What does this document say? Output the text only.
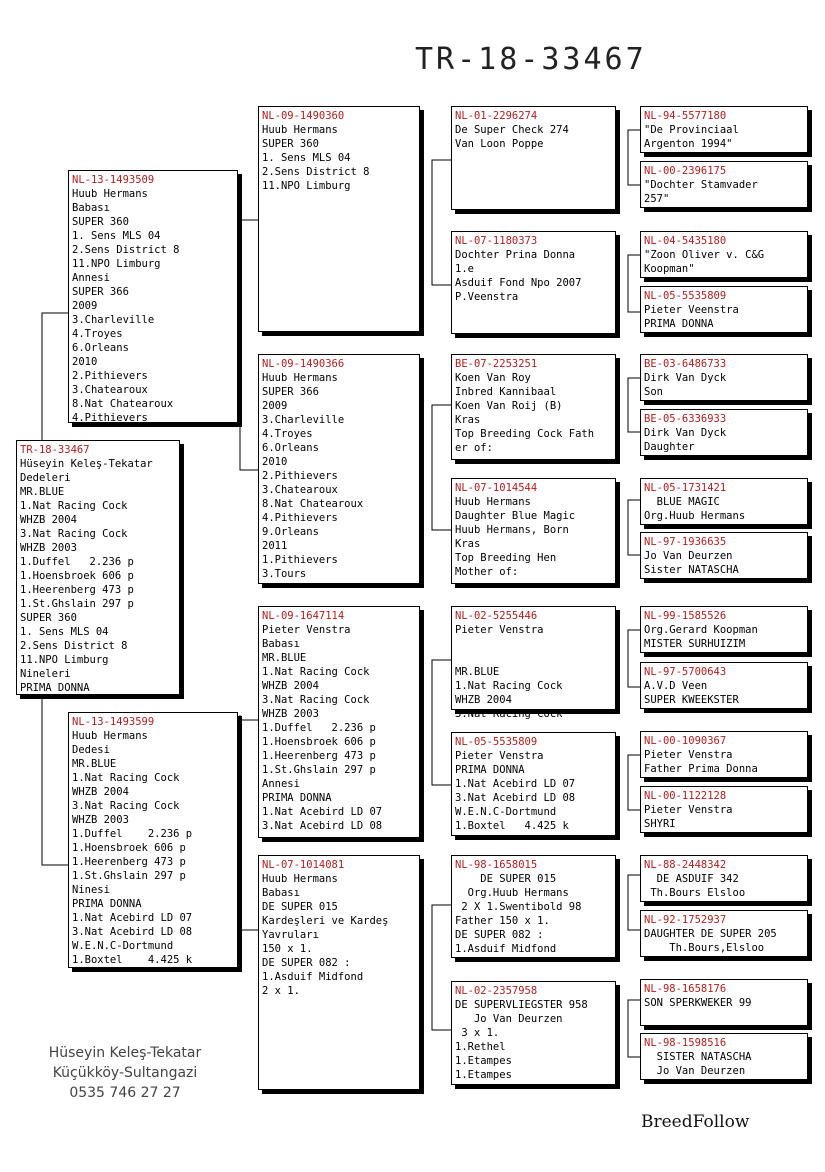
TR-18-33467
TR-18-33467
Hüseyin Keleş-Tekatar
Dedeleri
MR.BLUE
1.Nat Racing Cock
WHZB 2004
3.Nat Racing Cock
WHZB 2003
1.Duffel   2.236 p
1.Hoensbroek 606 p
1.Heerenberg 473 p
1.St.Ghslain 297 p
SUPER 360
1. Sens MLS 04
2.Sens District 8
11.NPO Limburg
Nineleri
PRIMA DONNA
NL-13-1493509
Huub Hermans
Babası
SUPER 360
1. Sens MLS 04
2.Sens District 8
11.NPO Limburg
Annesi
SUPER 366
2009
3.Charleville
4.Troyes
6.Orleans
2010
2.Pithievers
3.Chatearoux
8.Nat Chatearoux
4.Pithievers
NL-13-1493599
Huub Hermans
Dedesi
MR.BLUE
1.Nat Racing Cock
WHZB 2004
3.Nat Racing Cock
WHZB 2003
1.Duffel    2.236 p
1.Hoensbroek 606 p
1.Heerenberg 473 p
1.St.Ghslain 297 p
Ninesi
PRIMA DONNA
1.Nat Acebird LD 07
3.Nat Acebird LD 08
W.E.N.C-Dortmund
1.Boxtel    4.425 k
NL-09-1490360
Huub Hermans
SUPER 360
1. Sens MLS 04
2.Sens District 8
11.NPO Limburg
NL-09-1490366
Huub Hermans
SUPER 366
2009
3.Charleville
4.Troyes
6.Orleans
2010
2.Pithievers
3.Chatearoux
8.Nat Chatearoux
4.Pithievers
9.Orleans
2011
1.Pithievers
3.Tours
NL-09-1647114
Pieter Venstra
Babası
MR.BLUE
1.Nat Racing Cock
WHZB 2004
3.Nat Racing Cock
WHZB 2003
1.Duffel   2.236 p
1.Hoensbroek 606 p
1.Heerenberg 473 p
1.St.Ghslain 297 p
Annesi
PRIMA DONNA
1.Nat Acebird LD 07
3.Nat Acebird LD 08
NL-07-1014081
Huub Hermans
Babası
DE SUPER 015
Kardeşleri ve Kardeş
Yavruları
150 x 1.
DE SUPER 082 :
1.Asduif Midfond
2 x 1.
NL-01-2296274
De Super Check 274
Van Loon Poppe
NL-07-1180373
Dochter Prina Donna
1.e
Asduif Fond Npo 2007
P.Veenstra
BE-07-2253251
Koen Van Roy
Inbred Kannibaal
Koen Van Roij (B)
Kras
Top Breeding Cock Fath
er of:
NL-07-1014544
Huub Hermans
Daughter Blue Magic
Huub Hermans, Born
Kras
Top Breeding Hen
Mother of:
NL-02-5255446
Pieter Venstra

MR.BLUE
1.Nat Racing Cock
WHZB 2004
3.Nat Racing Cock
NL-05-5535809
Pieter Venstra
PRIMA DONNA
1.Nat Acebird LD 07
3.Nat Acebird LD 08
W.E.N.C-Dortmund
1.Boxtel   4.425 k
NL-98-1658015
DE SUPER 015
Org.Huub Hermans
2 X 1.Swentibold 98
Father 150 x 1.
DE SUPER 082 :
1.Asduif Midfond
NL-02-2357958
DE SUPERVLIEGSTER 958
Jo Van Deurzen
3 x 1.
1.Rethel
1.Etampes
1.Etampes
NL-94-5577180
"De Provinciaal
Argenton 1994"
NL-00-2396175
"Dochter Stamvader
257"
NL-04-5435180
"Zoon Oliver v. C&G
Koopman"
NL-05-5535809
Pieter Veenstra
PRIMA DONNA
BE-03-6486733
Dirk Van Dyck
Son
BE-05-6336933
Dirk Van Dyck
Daughter
NL-05-1731421
BLUE MAGIC
Org.Huub Hermans
NL-97-1936635
Jo Van Deurzen
Sister NATASCHA
NL-99-1585526
Org.Gerard Koopman
MISTER SURHUIZIM
NL-97-5700643
A.V.D Veen
SUPER KWEEKSTER
NL-00-1090367
Pieter Venstra
Father Prima Donna
NL-00-1122128
Pieter Venstra
SHYRI
NL-88-2448342
DE ASDUIF 342
Th.Bours Elsloo
NL-92-1752937
DAUGHTER DE SUPER 205
Th.Bours,Elsloo
NL-98-1658176
SON SPERKWEKER 99
NL-98-1598516
SISTER NATASCHA
Jo Van Deurzen
Hüseyin Keleş-Tekatar
Küçükköy-Sultangazi
0535 746 27 27
BreedFollow
